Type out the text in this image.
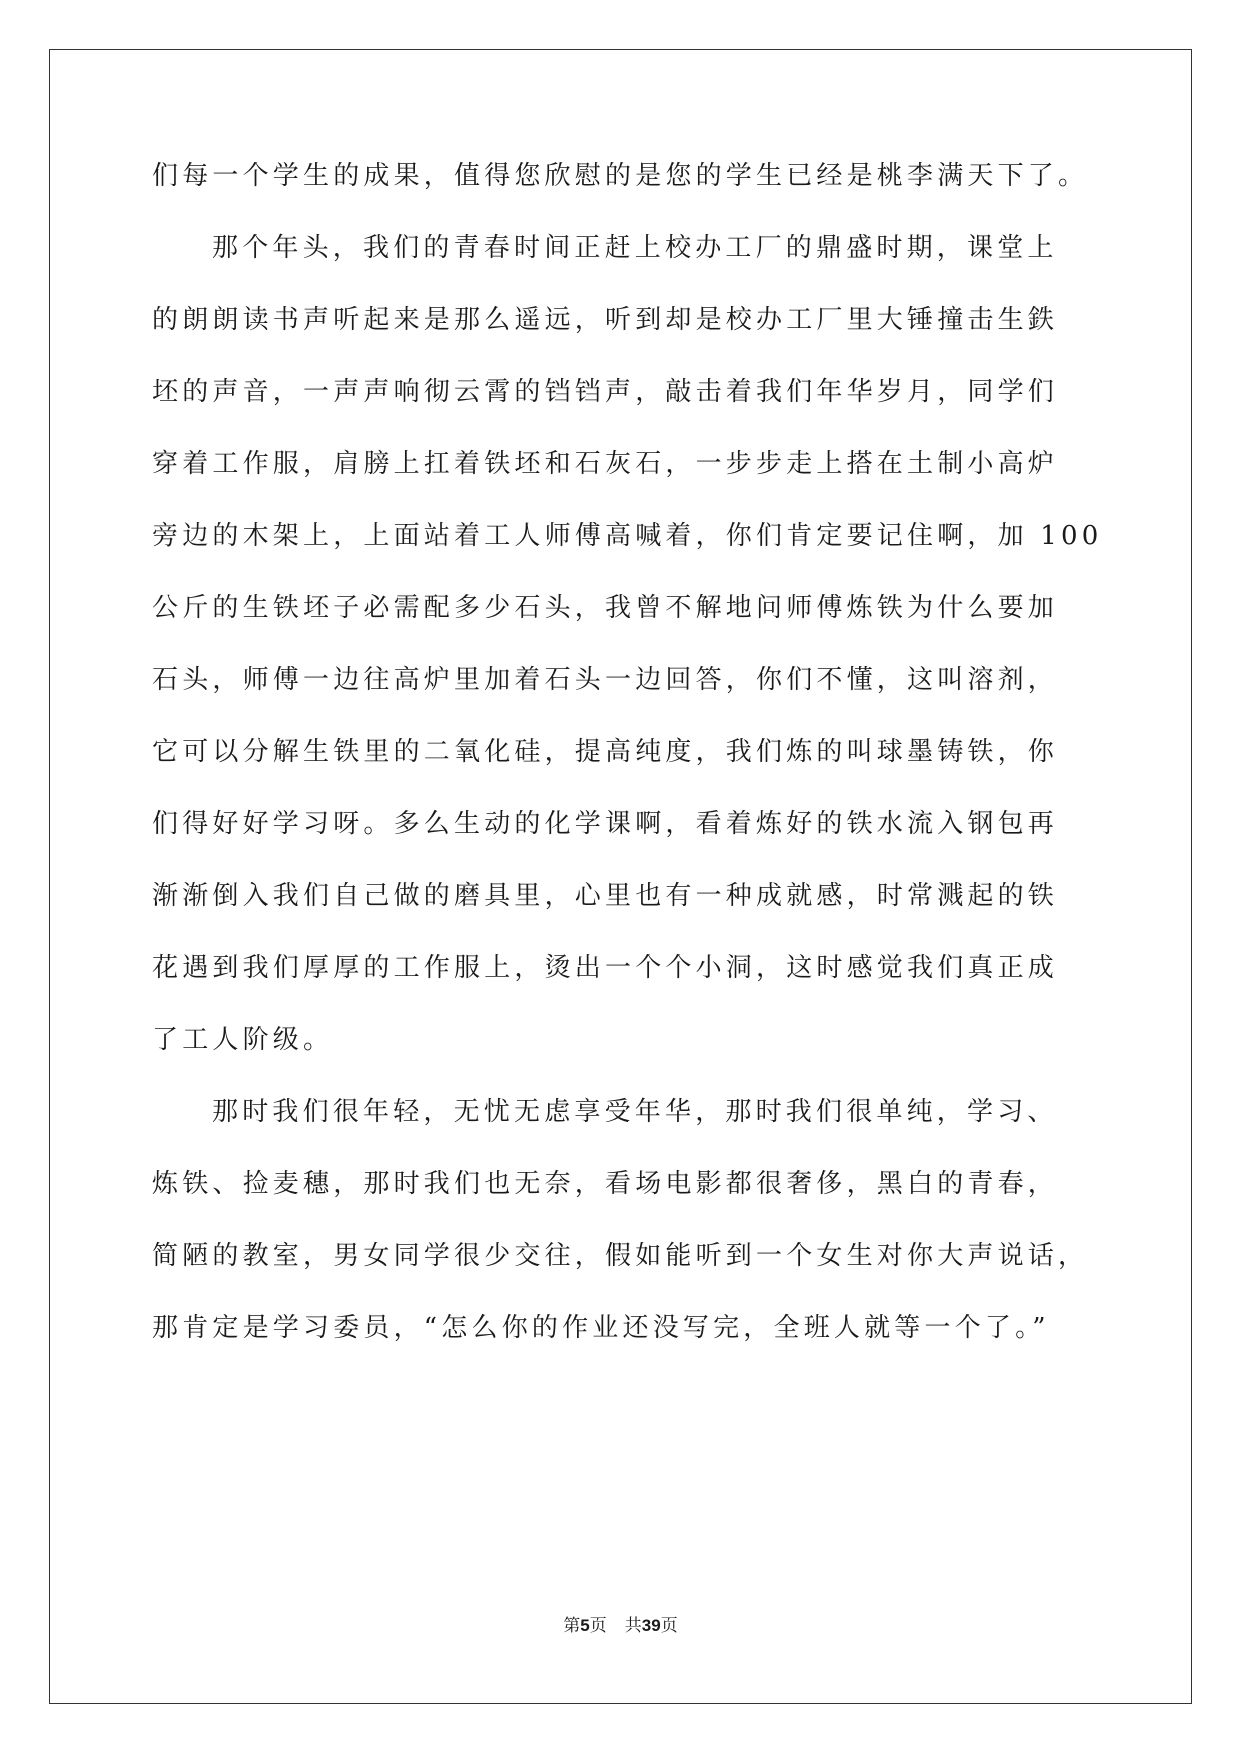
们每一个学生的成果，值得您欣慰的是您的学生已经是桃李满天下了。
那个年头，我们的青春时间正赶上校办工厂的鼎盛时期，课堂上
的朗朗读书声听起来是那么遥远，听到却是校办工厂里大锤撞击生鉄
坯的声音，一声声响彻云霄的铛铛声，敲击着我们年华岁月，同学们
穿着工作服，肩膀上扛着铁坯和石灰石，一步步走上搭在土制小高炉
旁边的木架上，上面站着工人师傅高喊着，你们肯定要记住啊，加 100
公斤的生铁坯子必需配多少石头，我曾不解地问师傅炼铁为什么要加
石头，师傅一边往高炉里加着石头一边回答，你们不懂，这叫溶剂，
它可以分解生铁里的二氧化硅，提高纯度，我们炼的叫球墨铸铁，你
们得好好学习呀。多么生动的化学课啊，看着炼好的铁水流入钢包再
渐渐倒入我们自己做的磨具里，心里也有一种成就感，时常溅起的铁
花遇到我们厚厚的工作服上，烫出一个个小洞，这时感觉我们真正成
了工人阶级。
那时我们很年轻，无忧无虑享受年华，那时我们很单纯，学习、
炼铁、捡麦穗，那时我们也无奈，看场电影都很奢侈，黑白的青春，
简陋的教室，男女同学很少交往，假如能听到一个女生对你大声说话，
那肯定是学习委员，“怎么你的作业还没写完，全班人就等一个了。”
第5页 共39页
